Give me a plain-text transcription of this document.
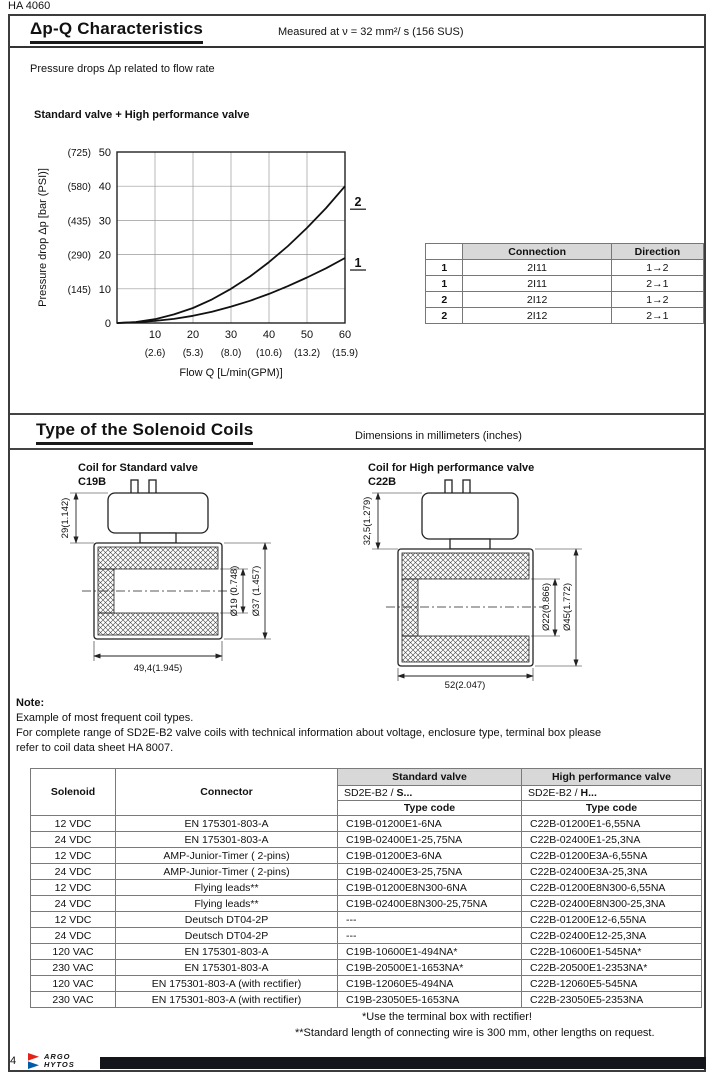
HA 4060
Δp-Q Characteristics	Measured at ν = 32 mm²/ s (156 SUS)
Pressure drops Δp related to flow rate
Standard valve + High performance valve
0
10
20
30
40
50
(145)
(290)
(435)
(580)
(725)
10 20 30 40 50 60
(2.6) (5.3) (8.0) (10.6) (13.2) (15.9)
Flow Q [L/min(GPM)]
Pressure drop Δp [bar (PSI)]	1
2
	Connection	Direction
1	2I11	1→2
1	2I11	2→1
2	2I12	1→2
2	2I12	2→1
Type of the Solenoid Coils	Dimensions in millimeters (inches)
Coil for Standard valve
C19B
Coil for High performance valve
C22B
29(1.142)
Ø19 (0.748) Ø37 (1.457)
49,4(1.945)
32,5(1.279)
Ø22(0.866) Ø45(1.772)
52(2.047)
Note:
Example of most frequent coil types.
For complete range of SD2E-B2 valve coils with technical information about voltage, enclosure type, terminal box please
refer to coil data sheet HA 8007.
Solenoid	Connector	Standard valve	High performance valve
		SD2E-B2 / S...	SD2E-B2 / H...
		Type code	Type code
12 VDC	EN 175301-803-A	C19B-01200E1-6NA	C22B-01200E1-6,55NA
24 VDC	EN 175301-803-A	C19B-02400E1-25,75NA	C22B-02400E1-25,3NA
12 VDC	AMP-Junior-Timer ( 2-pins)	C19B-01200E3-6NA	C22B-01200E3A-6,55NA
24 VDC	AMP-Junior-Timer ( 2-pins)	C19B-02400E3-25,75NA	C22B-02400E3A-25,3NA
12 VDC	Flying leads**	C19B-01200E8N300-6NA	C22B-01200E8N300-6,55NA
24 VDC	Flying leads**	C19B-02400E8N300-25,75NA	C22B-02400E8N300-25,3NA
12 VDC	Deutsch DT04-2P	---	C22B-01200E12-6,55NA
24 VDC	Deutsch DT04-2P	---	C22B-02400E12-25,3NA
120 VAC	EN 175301-803-A	C19B-10600E1-494NA*	C22B-10600E1-545NA*
230 VAC	EN 175301-803-A	C19B-20500E1-1653NA*	C22B-20500E1-2353NA*
120 VAC	EN 175301-803-A (with rectifier)	C19B-12060E5-494NA	C22B-12060E5-545NA
230 VAC	EN 175301-803-A (with rectifier)	C19B-23050E5-1653NA	C22B-23050E5-2353NA
*Use the terminal box with rectifier!
**Standard length of connecting wire is 300 mm, other lengths on request.
4	ARGO
HYTOS
